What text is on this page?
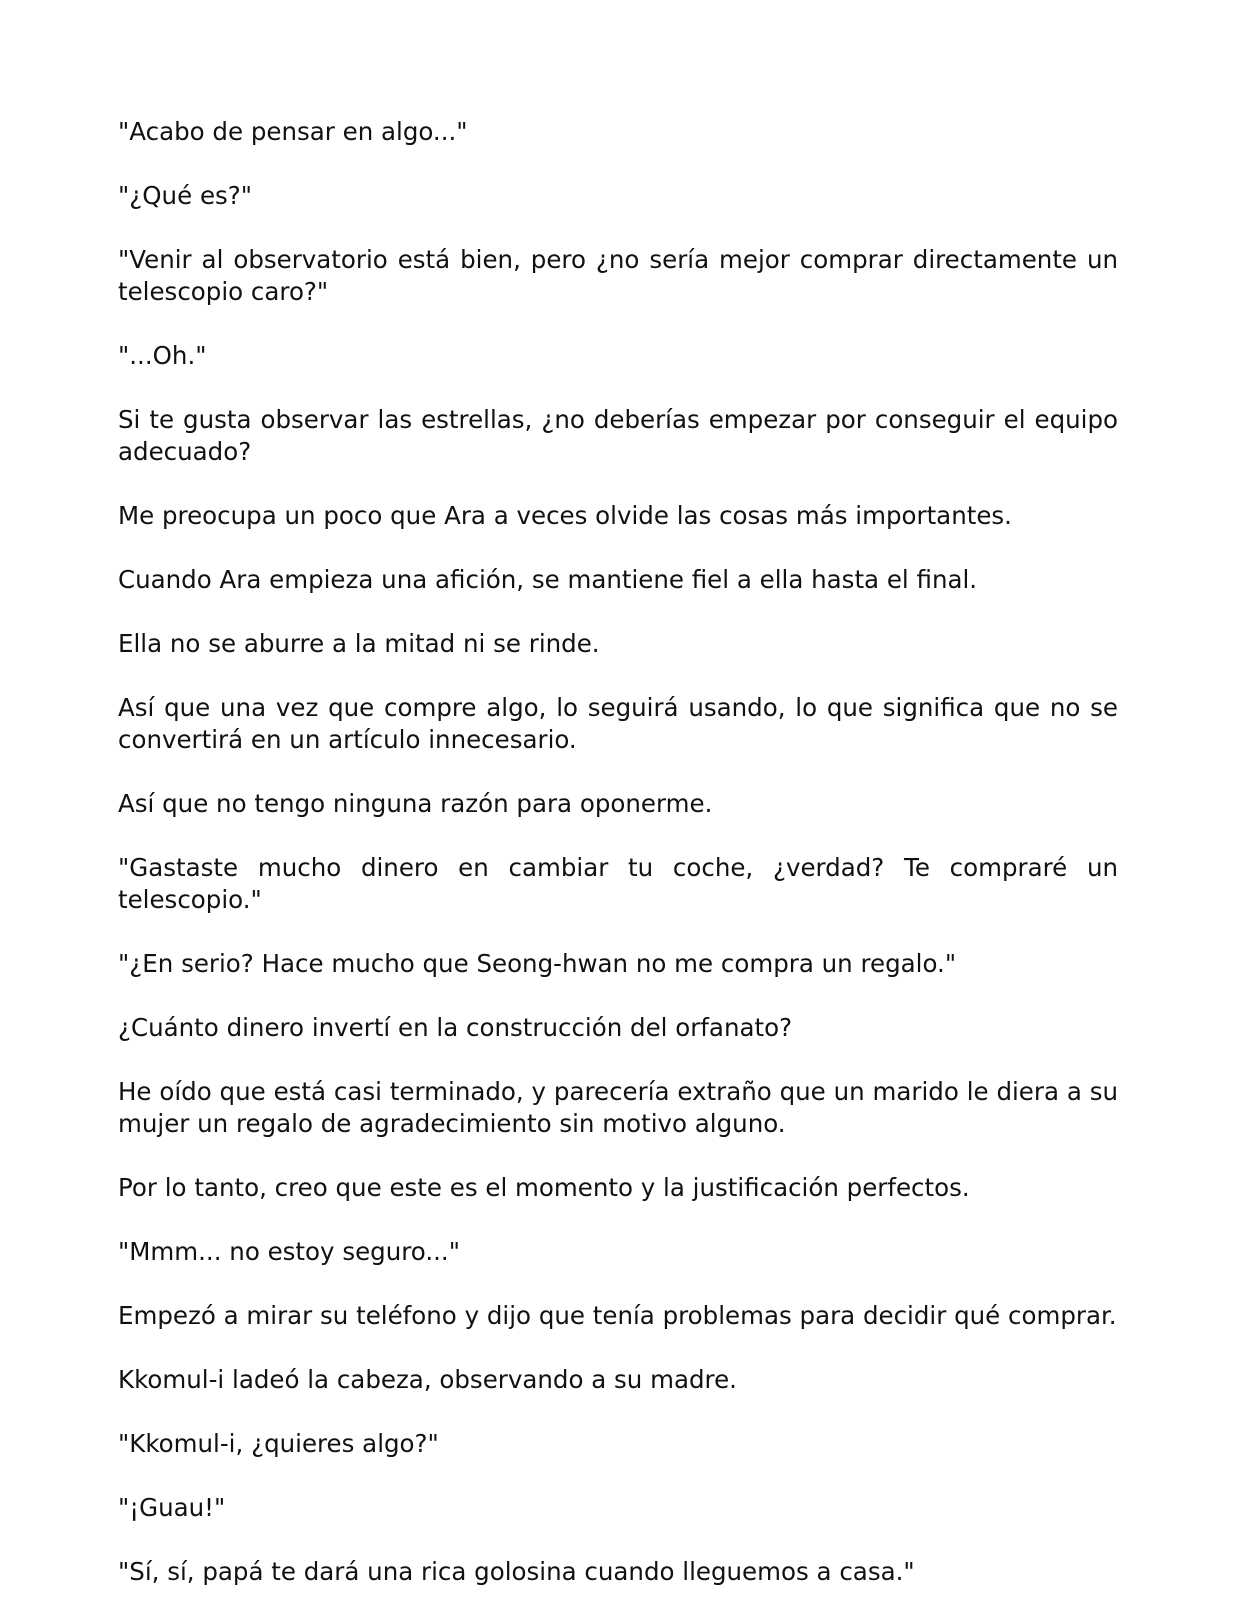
"Acabo de pensar en algo..."

"¿Qué es?"

"Venir al observatorio está bien, pero ¿no sería mejor comprar directamente un telescopio caro?"

"...Oh."

Si te gusta observar las estrellas, ¿no deberías empezar por conseguir el equipo adecuado?

Me preocupa un poco que Ara a veces olvide las cosas más importantes.

Cuando Ara empieza una afición, se mantiene fiel a ella hasta el final.

Ella no se aburre a la mitad ni se rinde.

Así que una vez que compre algo, lo seguirá usando, lo que significa que no se convertirá en un artículo innecesario.

Así que no tengo ninguna razón para oponerme.

"Gastaste mucho dinero en cambiar tu coche, ¿verdad? Te compraré un telescopio."

"¿En serio? Hace mucho que Seong-hwan no me compra un regalo."

¿Cuánto dinero invertí en la construcción del orfanato?

He oído que está casi terminado, y parecería extraño que un marido le diera a su mujer un regalo de agradecimiento sin motivo alguno.

Por lo tanto, creo que este es el momento y la justificación perfectos.

"Mmm... no estoy seguro..."

Empezó a mirar su teléfono y dijo que tenía problemas para decidir qué comprar.

Kkomul-i ladeó la cabeza, observando a su madre.

"Kkomul-i, ¿quieres algo?"

"¡Guau!"

"Sí, sí, papá te dará una rica golosina cuando lleguemos a casa."
